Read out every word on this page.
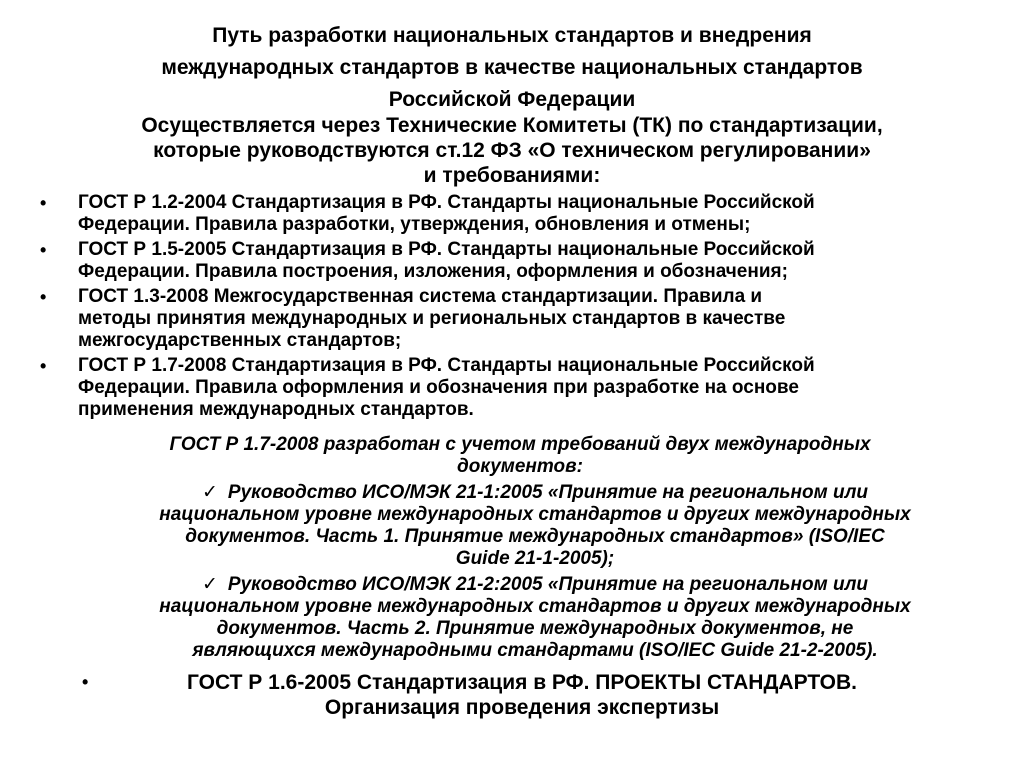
Путь разработки национальных стандартов и внедрения
международных стандартов в качестве национальных стандартов
Российской Федерации
Осуществляется через Технические Комитеты (ТК) по стандартизации,
которые руководствуются ст.12 ФЗ «О техническом регулировании»
и требованиями:
• ГОСТ Р 1.2-2004 Стандартизация в РФ. Стандарты национальные Российской
Федерации. Правила разработки, утверждения, обновления и отмены;
• ГОСТ Р 1.5-2005 Стандартизация в РФ. Стандарты национальные Российской
Федерации. Правила построения, изложения, оформления и обозначения;
• ГОСТ 1.3-2008 Межгосударственная система стандартизации. Правила и
методы принятия международных и региональных стандартов в качестве
межгосударственных стандартов;
• ГОСТ Р 1.7-2008 Стандартизация в РФ. Стандарты национальные Российской
Федерации. Правила оформления и обозначения при разработке на основе
применения международных стандартов.
ГОСТ Р 1.7-2008 разработан с учетом требований двух международных
документов:
✓ Руководство ИСО/МЭК 21-1:2005 «Принятие на региональном или
национальном уровне международных стандартов и других международных
документов. Часть 1. Принятие международных стандартов» (ISO/IEC
Guide 21-1-2005);
✓ Руководство ИСО/МЭК 21-2:2005 «Принятие на региональном или
национальном уровне международных стандартов и других международных
документов. Часть 2. Принятие международных документов, не
являющихся международными стандартами (ISO/IEC Guide 21-2-2005).
•	ГОСТ Р 1.6-2005 Стандартизация в РФ. ПРОЕКТЫ СТАНДАРТОВ.
Организация проведения экспертизы
